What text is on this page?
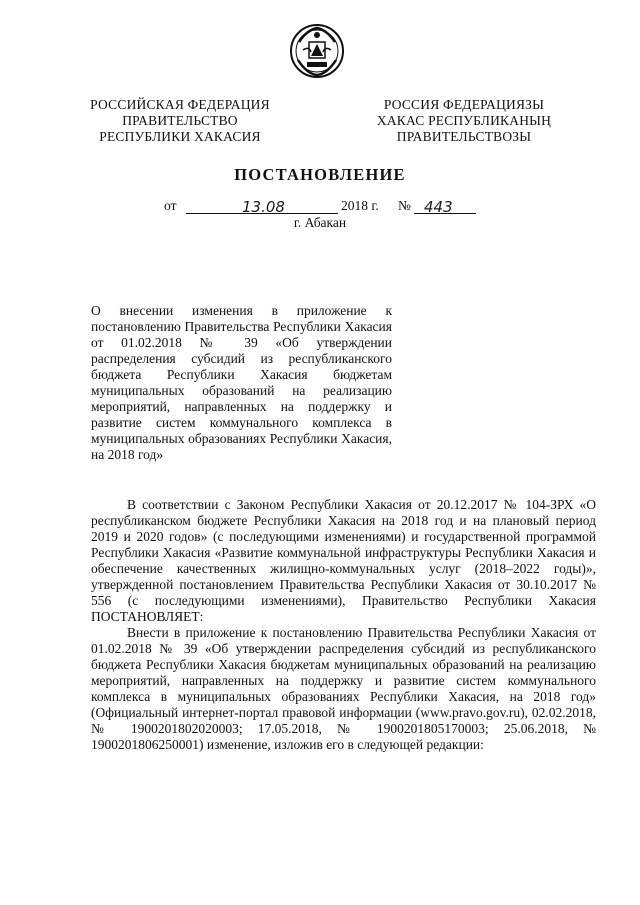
РОССИЙСКАЯ ФЕДЕРАЦИЯ
ПРАВИТЕЛЬСТВО
РЕСПУБЛИКИ ХАКАСИЯ
РОССИЯ ФЕДЕРАЦИЯЗЫ
ХАКАС РЕСПУБЛИКАНЫҢ
ПРАВИТЕЛЬСТВОЗЫ
ПОСТАНОВЛЕНИЕ
от	13.08	2018 г. № 443
г. Абакан
О внесении изменения в приложение к постановлению Правительства Республики Хакасия от 01.02.2018 № 39 «Об утверждении распределения субсидий из республиканского бюджета Республики Хакасия бюджетам муниципальных образований на реализацию мероприятий, направленных на поддержку и развитие систем коммунального комплекса в муниципальных образованиях Республики Хакасия, на 2018 год»

В соответствии с Законом Республики Хакасия от 20.12.2017 № 104-ЗРХ «О республиканском бюджете Республики Хакасия на 2018 год и на плановый период 2019 и 2020 годов» (с последующими изменениями) и государственной программой Республики Хакасия «Развитие коммунальной инфраструктуры Республики Хакасия и обеспечение качественных жилищно-коммунальных услуг (2018–2022 годы)», утвержденной постановлением Правительства Республики Хакасия от 30.10.2017 № 556 (с последующими изменениями), Правительство Республики Хакасия ПОСТАНОВЛЯЕТ:

Внести в приложение к постановлению Правительства Республики Хакасия от 01.02.2018 № 39 «Об утверждении распределения субсидий из республиканского бюджета Республики Хакасия бюджетам муниципальных образований на реализацию мероприятий, направленных на поддержку и развитие систем коммунального комплекса в муниципальных образованиях Республики Хакасия, на 2018 год» (Официальный интернет-портал правовой информации (www.pravo.gov.ru), 02.02.2018, № 1900201802020003; 17.05.2018, № 1900201805170003; 25.06.2018, № 1900201806250001) изменение, изложив его в следующей редакции:
